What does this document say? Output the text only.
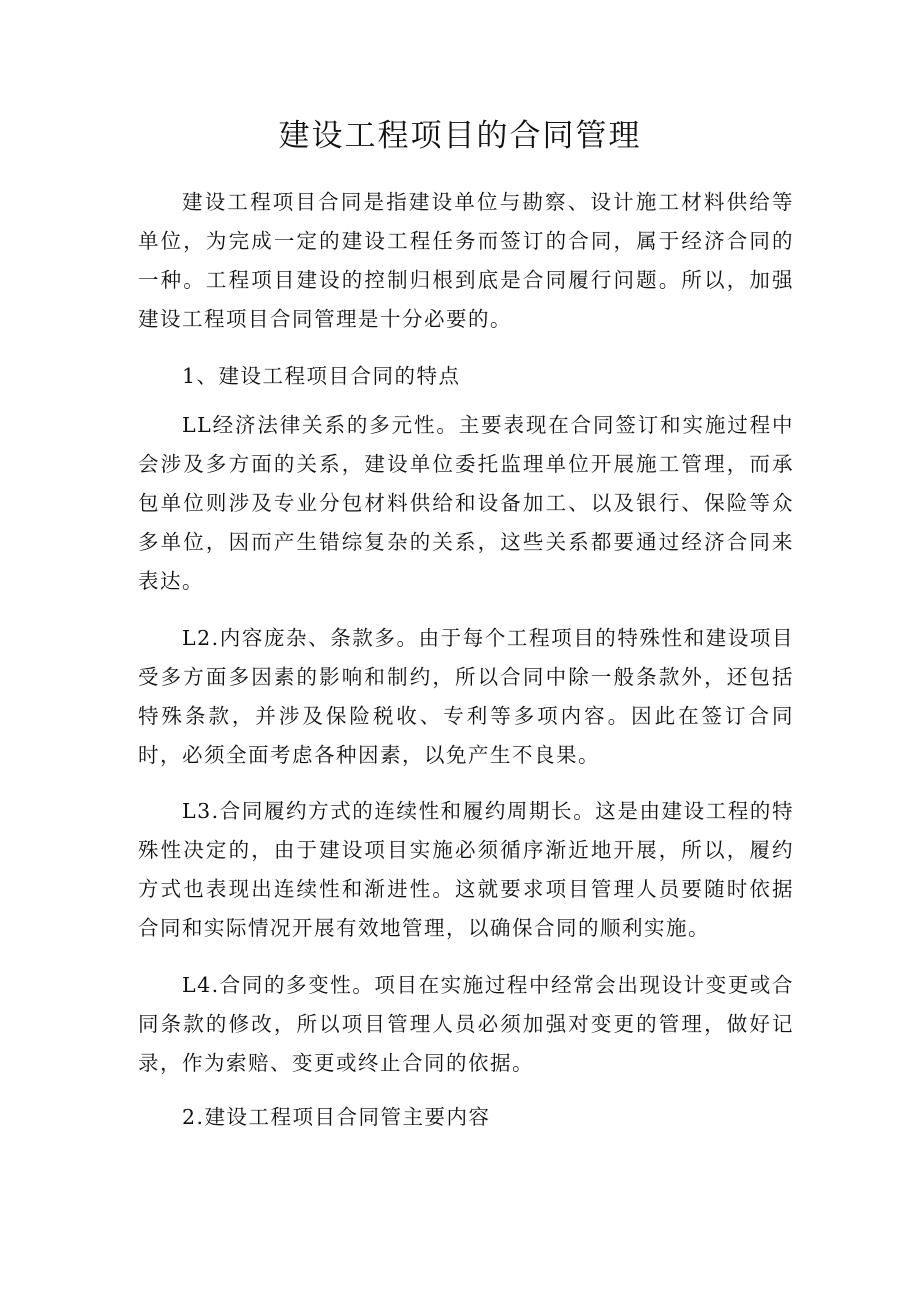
建设工程项目的合同管理

建设工程项目合同是指建设单位与勘察、设计施工材料供给等单位，为完成一定的建设工程任务而签订的合同，属于经济合同的一种。工程项目建设的控制归根到底是合同履行问题。所以，加强建设工程项目合同管理是十分必要的。

1、建设工程项目合同的特点

LL经济法律关系的多元性。主要表现在合同签订和实施过程中会涉及多方面的关系，建设单位委托监理单位开展施工管理，而承包单位则涉及专业分包材料供给和设备加工、以及银行、保险等众多单位，因而产生错综复杂的关系，这些关系都要通过经济合同来表达。

L2.内容庞杂、条款多。由于每个工程项目的特殊性和建设项目受多方面多因素的影响和制约，所以合同中除一般条款外，还包括特殊条款，并涉及保险税收、专利等多项内容。因此在签订合同时，必须全面考虑各种因素，以免产生不良果。

L3.合同履约方式的连续性和履约周期长。这是由建设工程的特殊性决定的，由于建设项目实施必须循序渐近地开展，所以，履约方式也表现出连续性和渐进性。这就要求项目管理人员要随时依据合同和实际情况开展有效地管理，以确保合同的顺利实施。

L4.合同的多变性。项目在实施过程中经常会出现设计变更或合同条款的修改，所以项目管理人员必须加强对变更的管理，做好记录，作为索赔、变更或终止合同的依据。

2.建设工程项目合同管主要内容
